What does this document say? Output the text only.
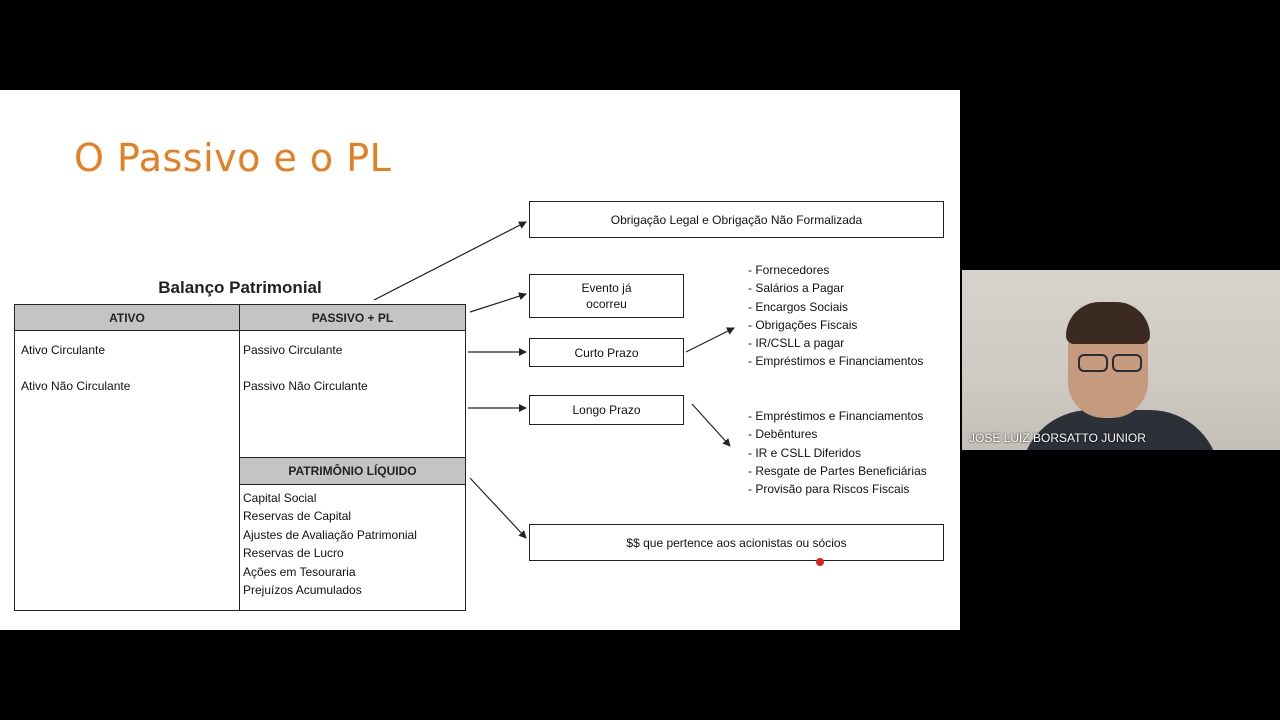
O Passivo e o PL
Balanço Patrimonial
ATIVO	PASSIVO + PL
Ativo Circulante
Ativo Não Circulante
Passivo Circulante
Passivo Não Circulante
PATRIMÔNIO LÍQUIDO
Capital Social
Reservas de Capital
Ajustes de Avaliação Patrimonial
Reservas de Lucro
Ações em Tesouraria
Prejuízos Acumulados
Obrigação Legal e Obrigação Não Formalizada
Evento já
ocorreu
Curto Prazo
Longo Prazo
$$ que pertence aos acionistas ou sócios
- Fornecedores
- Salários a Pagar
- Encargos Sociais
- Obrigações Fiscais
- IR/CSLL a pagar
- Empréstimos e Financiamentos
- Empréstimos e Financiamentos
- Debêntures
- IR e CSLL Diferidos
- Resgate de Partes Beneficiárias
- Provisão para Riscos Fiscais
JOSE LUIZ BORSATTO JUNIOR
